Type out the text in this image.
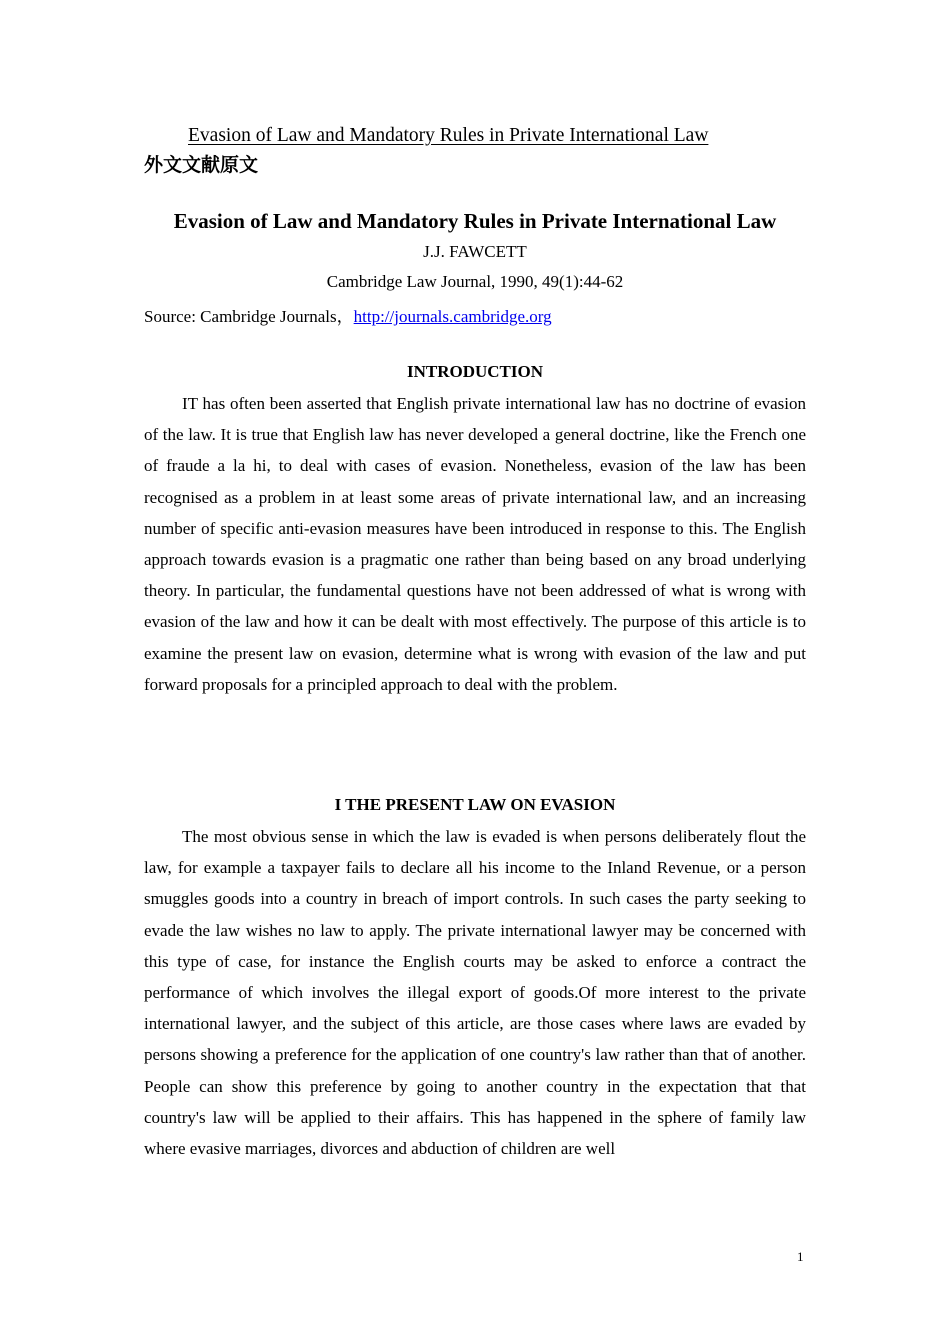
Evasion of Law and Mandatory Rules in Private International Law
外文文献原文
Evasion of Law and Mandatory Rules in Private International Law
J.J. FAWCETT
Cambridge Law Journal, 1990, 49(1):44-62
Source: Cambridge Journals，http://journals.cambridge.org
INTRODUCTION
IT has often been asserted that English private international law has no doctrine of evasion of the law. It is true that English law has never developed a general doctrine, like the French one of fraude a la hi, to deal with cases of evasion. Nonetheless, evasion of the law has been recognised as a problem in at least some areas of private international law, and an increasing number of specific anti-evasion measures have been introduced in response to this. The English approach towards evasion is a pragmatic one rather than being based on any broad underlying theory. In particular, the fundamental questions have not been addressed of what is wrong with evasion of the law and how it can be dealt with most effectively. The purpose of this article is to examine the present law on evasion, determine what is wrong with evasion of the law and put forward proposals for a principled approach to deal with the problem.
I THE PRESENT LAW ON EVASION
The most obvious sense in which the law is evaded is when persons deliberately flout the law, for example a taxpayer fails to declare all his income to the Inland Revenue, or a person smuggles goods into a country in breach of import controls. In such cases the party seeking to evade the law wishes no law to apply. The private international lawyer may be concerned with this type of case, for instance the English courts may be asked to enforce a contract the performance of which involves the illegal export of goods.Of more interest to the private international lawyer, and the subject of this article, are those cases where laws are evaded by persons showing a preference for the application of one country's law rather than that of another. People can show this preference by going to another country in the expectation that that country's law will be applied to their affairs. This has happened in the sphere of family law where evasive marriages, divorces and abduction of children are well
1
